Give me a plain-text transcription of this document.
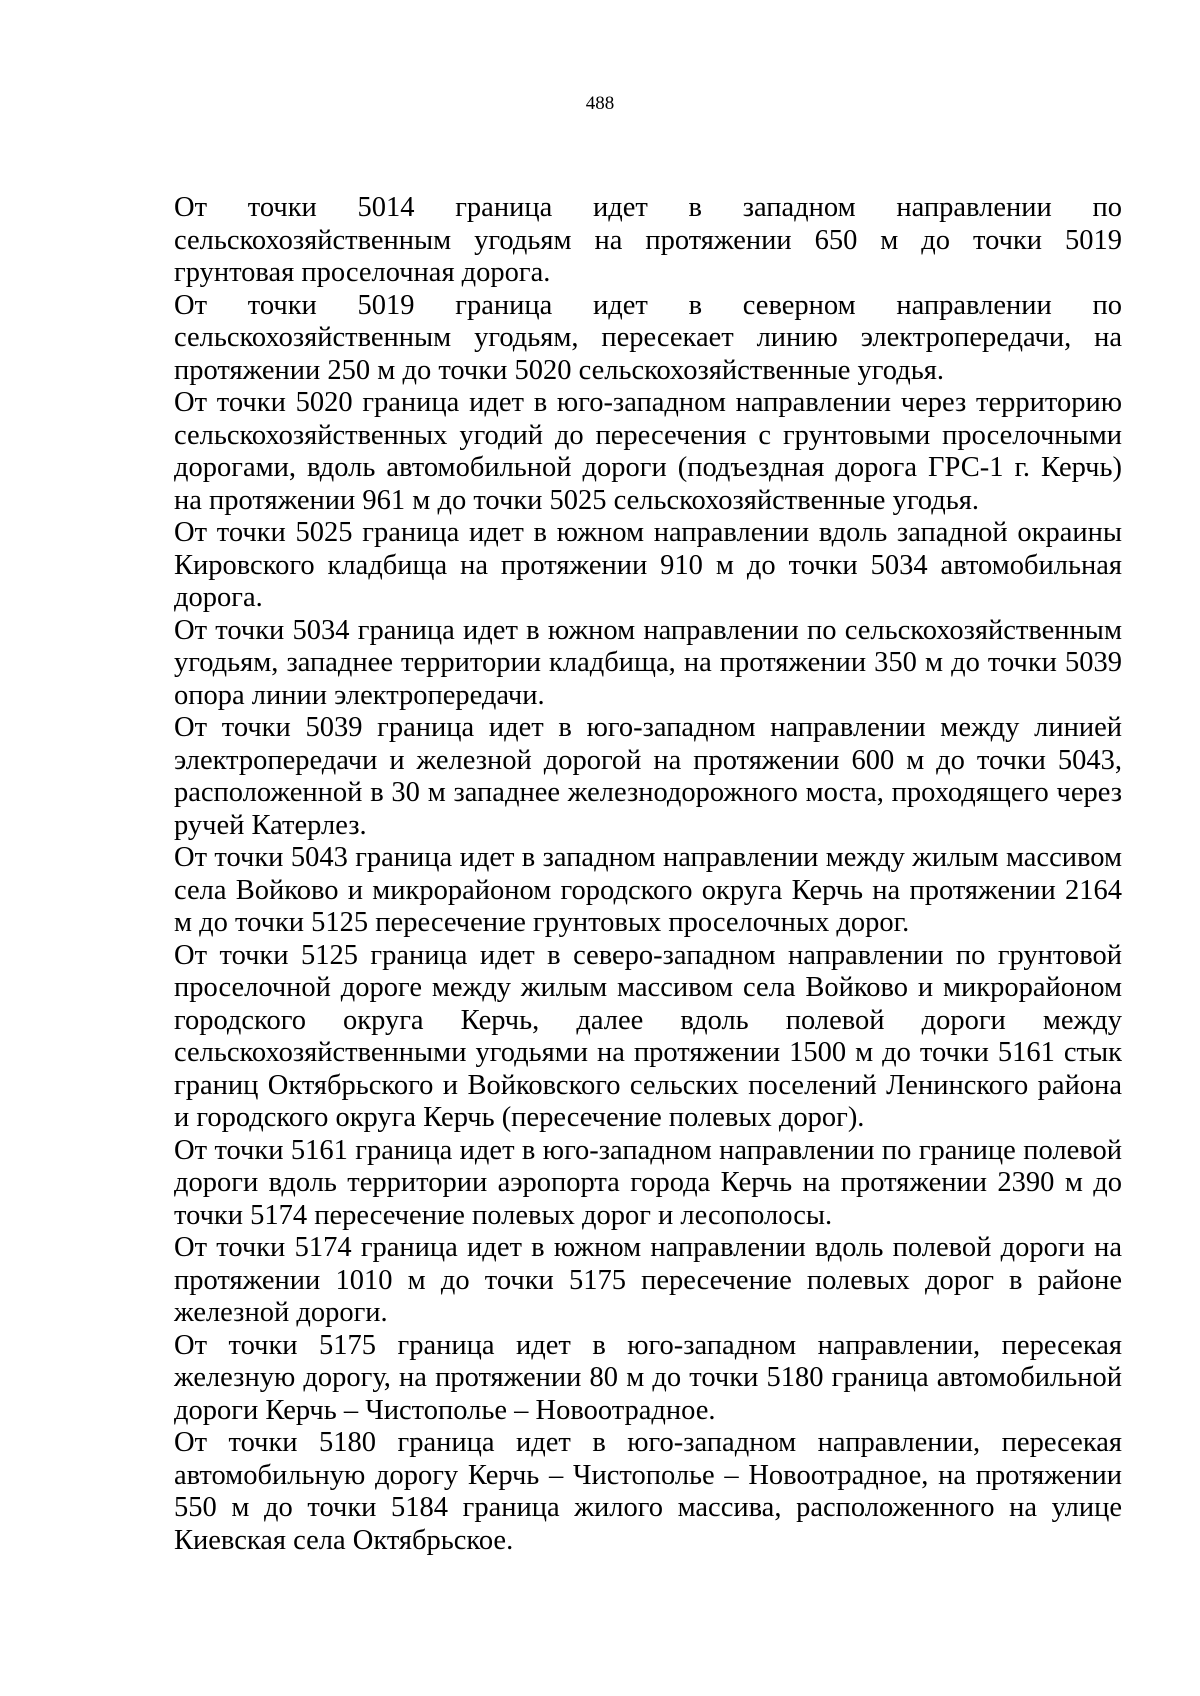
488

От точки 5014 граница идет в западном направлении по сельскохозяйственным угодьям на протяжении 650 м до точки 5019 грунтовая проселочная дорога.

От точки 5019 граница идет в северном направлении по сельскохозяйственным угодьям, пересекает линию электропередачи, на протяжении 250 м до точки 5020 сельскохозяйственные угодья.

От точки 5020 граница идет в юго-западном направлении через территорию сельскохозяйственных угодий до пересечения с грунтовыми проселочными дорогами, вдоль автомобильной дороги (подъездная дорога ГРС-1 г. Керчь) на протяжении 961 м до точки 5025 сельскохозяйственные угодья.

От точки 5025 граница идет в южном направлении вдоль западной окраины Кировского кладбища на протяжении 910 м до точки 5034 автомобильная дорога.

От точки 5034 граница идет в южном направлении по сельскохозяйственным угодьям, западнее территории кладбища, на протяжении 350 м до точки 5039 опора линии электропередачи.

От точки 5039 граница идет в юго-западном направлении между линией электропередачи и железной дорогой на протяжении 600 м до точки 5043, расположенной в 30 м западнее железнодорожного моста, проходящего через ручей Катерлез.

От точки 5043 граница идет в западном направлении между жилым массивом села Войково и микрорайоном городского округа Керчь на протяжении 2164 м до точки 5125 пересечение грунтовых проселочных дорог.

От точки 5125 граница идет в северо-западном направлении по грунтовой проселочной дороге между жилым массивом села Войково и микрорайоном городского округа Керчь, далее вдоль полевой дороги между сельскохозяйственными угодьями на протяжении 1500 м до точки 5161 стык границ Октябрьского и Войковского сельских поселений Ленинского района и городского округа Керчь (пересечение полевых дорог).

От точки 5161 граница идет в юго-западном направлении по границе полевой дороги вдоль территории аэропорта города Керчь на протяжении 2390 м до точки 5174 пересечение полевых дорог и лесополосы.

От точки 5174 граница идет в южном направлении вдоль полевой дороги на протяжении 1010 м до точки 5175 пересечение полевых дорог в районе железной дороги.

От точки 5175 граница идет в юго-западном направлении, пересекая железную дорогу, на протяжении 80 м до точки 5180 граница автомобильной дороги Керчь – Чистополье – Новоотрадное.

От точки 5180 граница идет в юго-западном направлении, пересекая автомобильную дорогу Керчь – Чистополье – Новоотрадное, на протяжении 550 м до точки 5184 граница жилого массива, расположенного на улице Киевская села Октябрьское.
